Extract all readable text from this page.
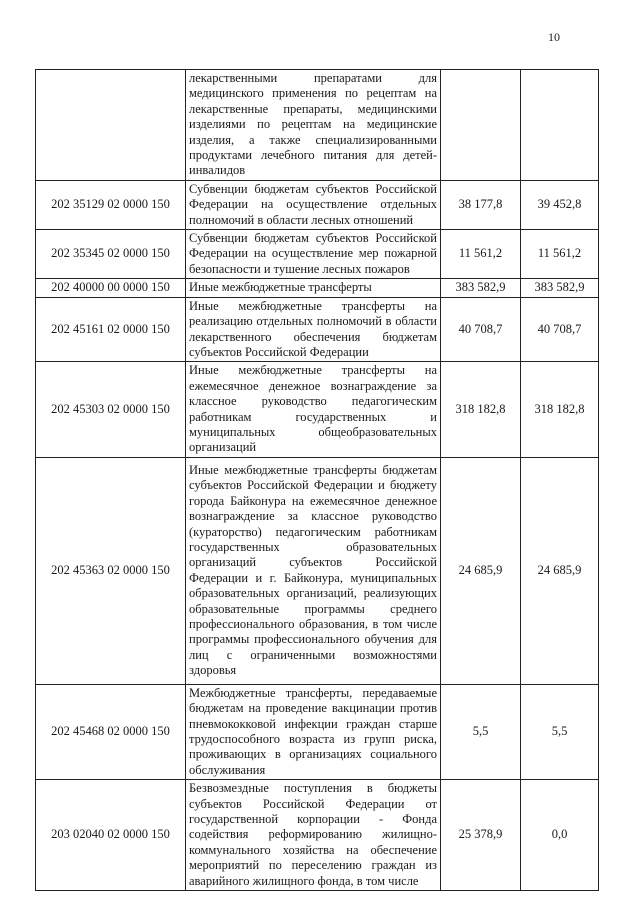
10
	лекарственными препаратами для медицинского применения по рецептам на лекарственные препараты, медицинскими изделиями по рецептам на медицинские изделия, а также специализированными продуктами лечебного питания для детей-инвалидов		
202 35129 02 0000 150	Субвенции бюджетам субъектов Российской Федерации на осуществление отдельных полномочий в области лесных отношений	38 177,8	39 452,8
202 35345 02 0000 150	Субвенции бюджетам субъектов Российской Федерации на осуществление мер пожарной безопасности и тушение лесных пожаров	11 561,2	11 561,2
202 40000 00 0000 150	Иные межбюджетные трансферты	383 582,9	383 582,9
202 45161 02 0000 150	Иные межбюджетные трансферты на реализацию отдельных полномочий в области лекарственного обеспечения бюджетам субъектов Российской Федерации	40 708,7	40 708,7
202 45303 02 0000 150	Иные межбюджетные трансферты на ежемесячное денежное вознаграждение за классное руководство педагогическим работникам государственных и муниципальных общеобразовательных организаций	318 182,8	318 182,8
202 45363 02 0000 150	Иные межбюджетные трансферты бюджетам субъектов Российской Федерации и бюджету города Байконура на ежемесячное денежное вознаграждение за классное руководство (кураторство) педагогическим работникам государственных образовательных организаций субъектов Российской Федерации и г. Байконура, муниципальных образовательных организаций, реализующих образовательные программы среднего профессионального образования, в том числе программы профессионального обучения для лиц с ограниченными возможностями здоровья	24 685,9	24 685,9
202 45468 02 0000 150	Межбюджетные трансферты, передаваемые бюджетам на проведение вакцинации против пневмококковой инфекции граждан старше трудоспособного возраста из групп риска, проживающих в организациях социального обслуживания	5,5	5,5
203 02040 02 0000 150	Безвозмездные поступления в бюджеты субъектов Российской Федерации от государственной корпорации - Фонда содействия реформированию жилищно-коммунального хозяйства на обеспечение мероприятий по переселению граждан из аварийного жилищного фонда, в том числе	25 378,9	0,0
